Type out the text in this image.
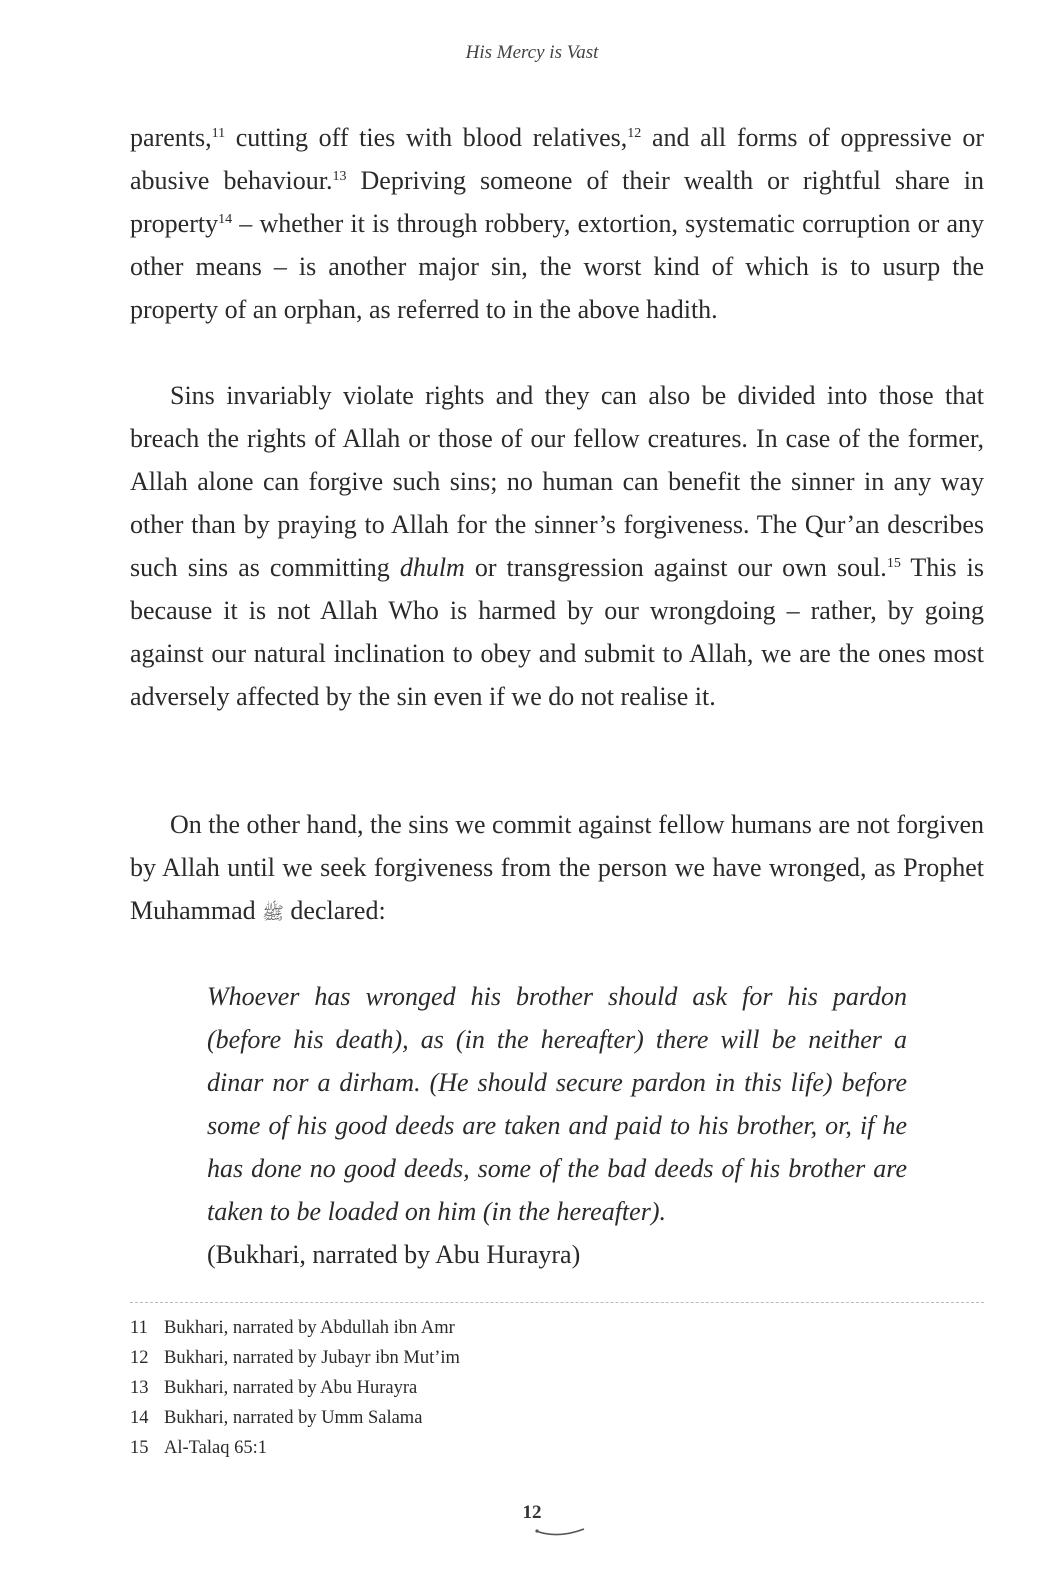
His Mercy is Vast
parents,$^{11}$ cutting off ties with blood relatives,$^{12}$ and all forms of oppressive or abusive behaviour.$^{13}$ Depriving someone of their wealth or rightful share in property$^{14}$ – whether it is through robbery, extortion, systematic corruption or any other means – is another major sin, the worst kind of which is to usurp the property of an orphan, as referred to in the above hadith.
Sins invariably violate rights and they can also be divided into those that breach the rights of Allah or those of our fellow creatures. In case of the former, Allah alone can forgive such sins; no human can benefit the sinner in any way other than by praying to Allah for the sinner’s forgiveness. The Qur’an describes such sins as committing dhulm or transgression against our own soul.$^{15}$ This is because it is not Allah Who is harmed by our wrongdoing – rather, by going against our natural inclination to obey and submit to Allah, we are the ones most adversely affected by the sin even if we do not realise it.
On the other hand, the sins we commit against fellow humans are not forgiven by Allah until we seek forgiveness from the person we have wronged, as Prophet Muhammad ﷺ declared:
Whoever has wronged his brother should ask for his pardon (before his death), as (in the hereafter) there will be neither a dinar nor a dirham. (He should secure pardon in this life) before some of his good deeds are taken and paid to his brother, or, if he has done no good deeds, some of the bad deeds of his brother are taken to be loaded on him (in the hereafter).
(Bukhari, narrated by Abu Hurayra)
11 Bukhari, narrated by Abdullah ibn Amr
12 Bukhari, narrated by Jubayr ibn Mut’im
13 Bukhari, narrated by Abu Hurayra
14 Bukhari, narrated by Umm Salama
15 Al-Talaq 65:1
12
